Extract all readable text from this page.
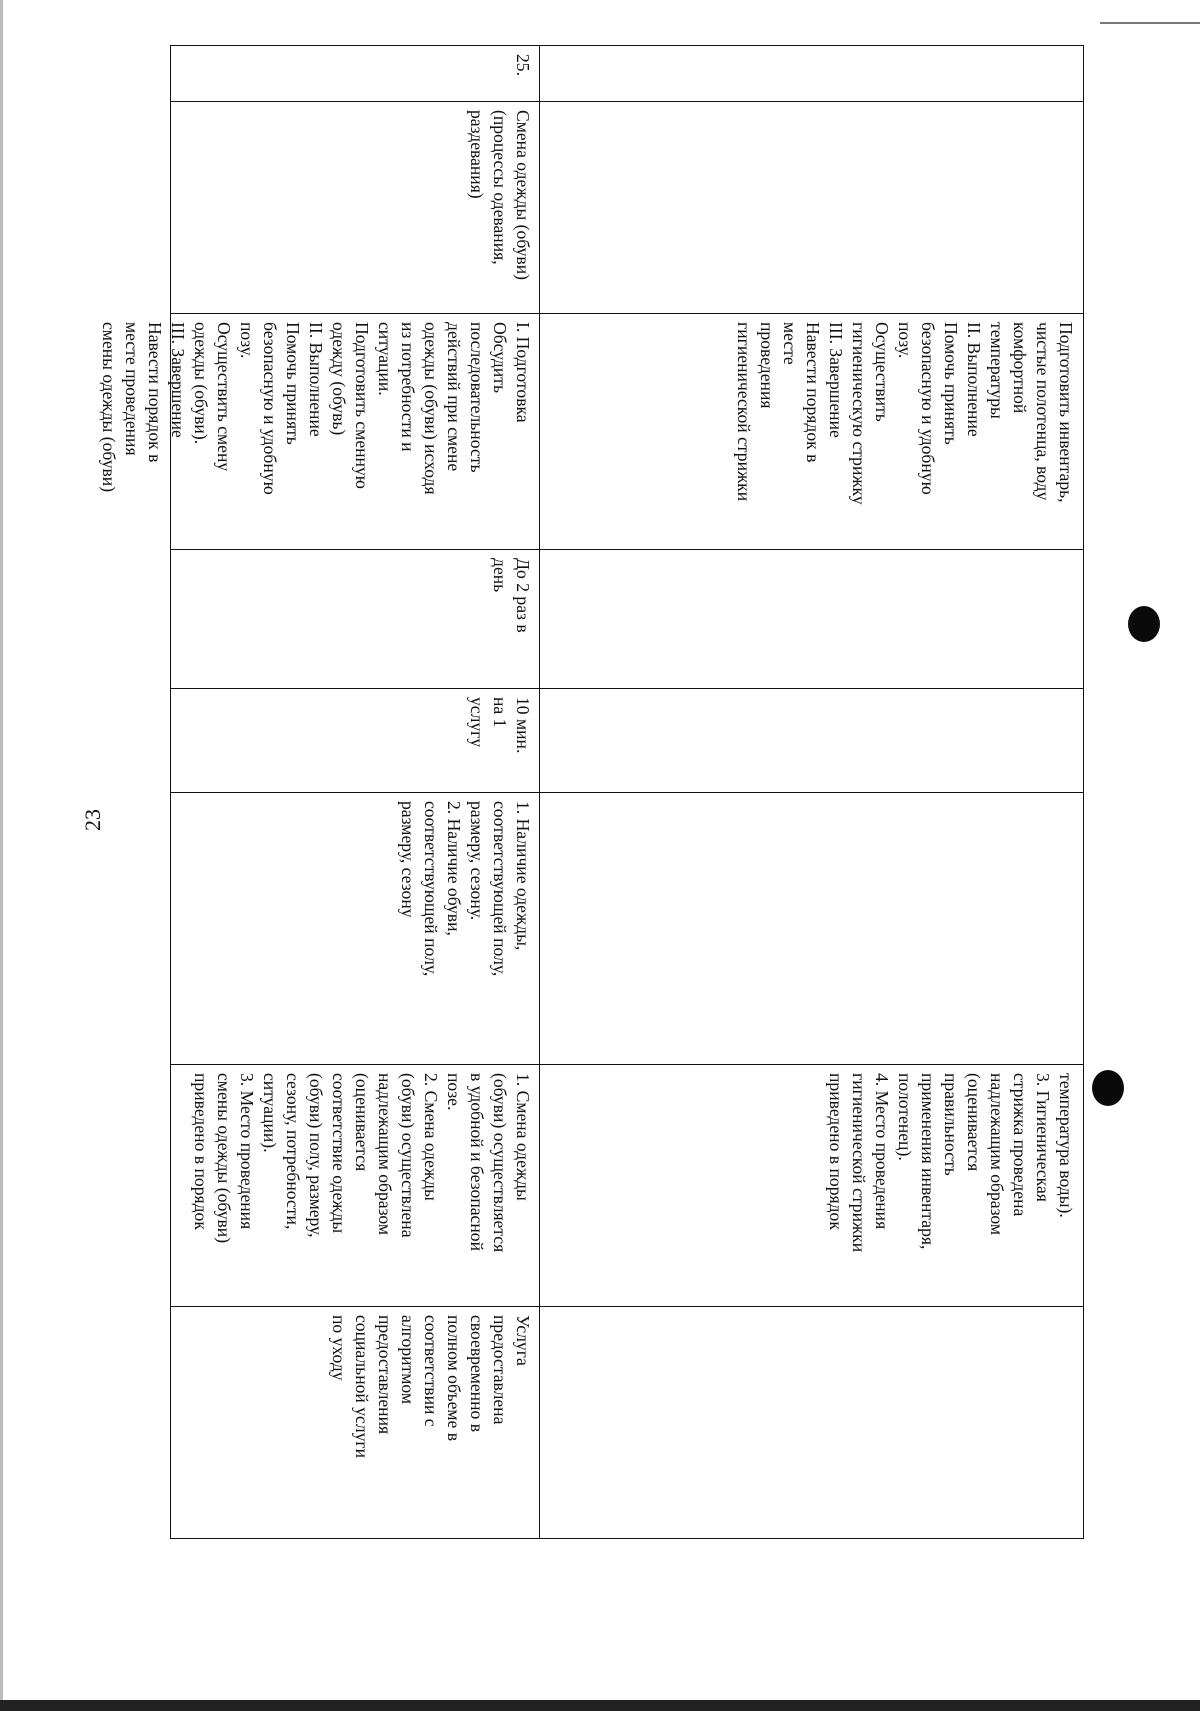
23
Подготовить инвентарь,
чистые полотенца, воду
комфортной
температуры
II. Выполнение
Помочь принять
безопасную и удобную
позу.
Осуществить
гигиеническую стрижку
III. Завершение
Навести порядок в
месте
проведения
гигиенической стрижки
температура воды).
3. Гигиеническая
стрижка проведена
надлежащим образом
(оценивается
правильность
применения инвентаря,
полотенец).
4. Место проведения
гигиенической стрижки
приведено в порядок
25.
Смена одежды (обуви)
(процессы одевания,
раздевания)
I. Подготовка
Обсудить
последовательность
действий при смене
одежды (обуви) исходя
из потребности и
ситуации.
Подготовить сменную
одежду (обувь)
II. Выполнение
Помочь принять
безопасную и удобную
позу.
Осуществить смену
одежды (обуви).
III. Завершение
Навести порядок в
месте проведения
смены одежды (обуви)
До 2 раз в
день
10 мин.
на 1
услугу
1. Наличие одежды,
соответствующей полу,
размеру, сезону.
2. Наличие обуви,
соответствующей полу,
размеру, сезону
1. Смена одежды
(обуви) осуществляется
в удобной и безопасной
позе.
2. Смена одежды
(обуви) осуществлена
надлежащим образом
(оценивается
соответствие одежды
(обуви) полу, размеру,
сезону, потребности,
ситуации).
3. Место проведения
смены одежды (обуви)
приведено в порядок
Услуга
предоставлена
своевременно в
полном объеме в
соответствии с
алгоритмом
предоставления
социальной услуги
по уходу
